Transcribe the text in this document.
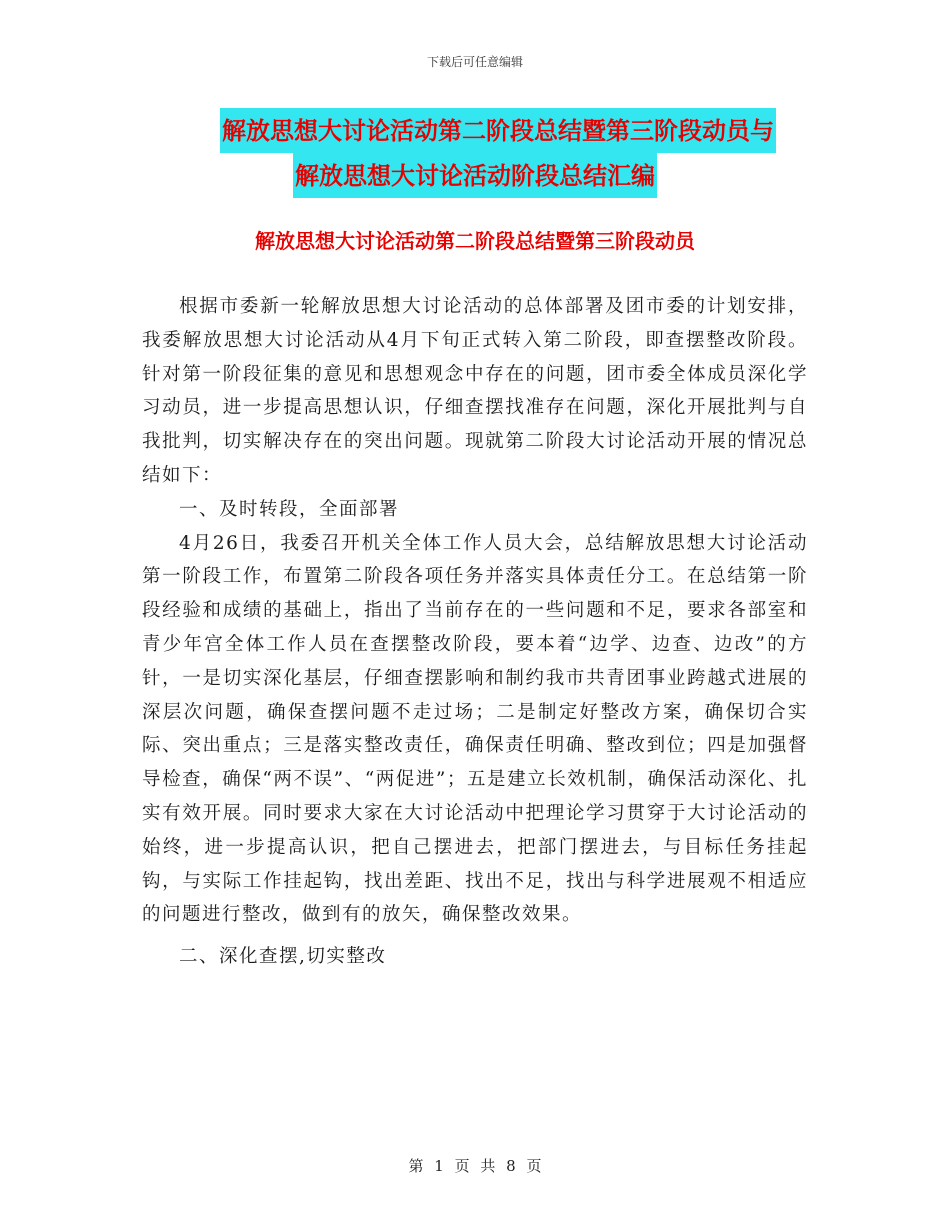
下载后可任意编辑
解放思想大讨论活动第二阶段总结暨第三阶段动员与
解放思想大讨论活动阶段总结汇编
解放思想大讨论活动第二阶段总结暨第三阶段动员

根据市委新一轮解放思想大讨论活动的总体部署及团市委的计划安排，我委解放思想大讨论活动从4月下旬正式转入第二阶段，即查摆整改阶段。针对第一阶段征集的意见和思想观念中存在的问题，团市委全体成员深化学习动员，进一步提高思想认识，仔细查摆找准存在问题，深化开展批判与自我批判，切实解决存在的突出问题。现就第二阶段大讨论活动开展的情况总结如下：

一、及时转段，全面部署

4月26日，我委召开机关全体工作人员大会，总结解放思想大讨论活动第一阶段工作，布置第二阶段各项任务并落实具体责任分工。在总结第一阶段经验和成绩的基础上，指出了当前存在的一些问题和不足，要求各部室和青少年宫全体工作人员在查摆整改阶段，要本着“边学、边查、边改”的方针，一是切实深化基层，仔细查摆影响和制约我市共青团事业跨越式进展的深层次问题，确保查摆问题不走过场；二是制定好整改方案，确保切合实际、突出重点；三是落实整改责任，确保责任明确、整改到位；四是加强督导检查，确保“两不误”、“两促进”；五是建立长效机制，确保活动深化、扎实有效开展。同时要求大家在大讨论活动中把理论学习贯穿于大讨论活动的始终，进一步提高认识，把自己摆进去，把部门摆进去，与目标任务挂起钩，与实际工作挂起钩，找出差距、找出不足，找出与科学进展观不相适应的问题进行整改，做到有的放矢，确保整改效果。

二、深化查摆,切实整改

第 1 页 共 8 页
